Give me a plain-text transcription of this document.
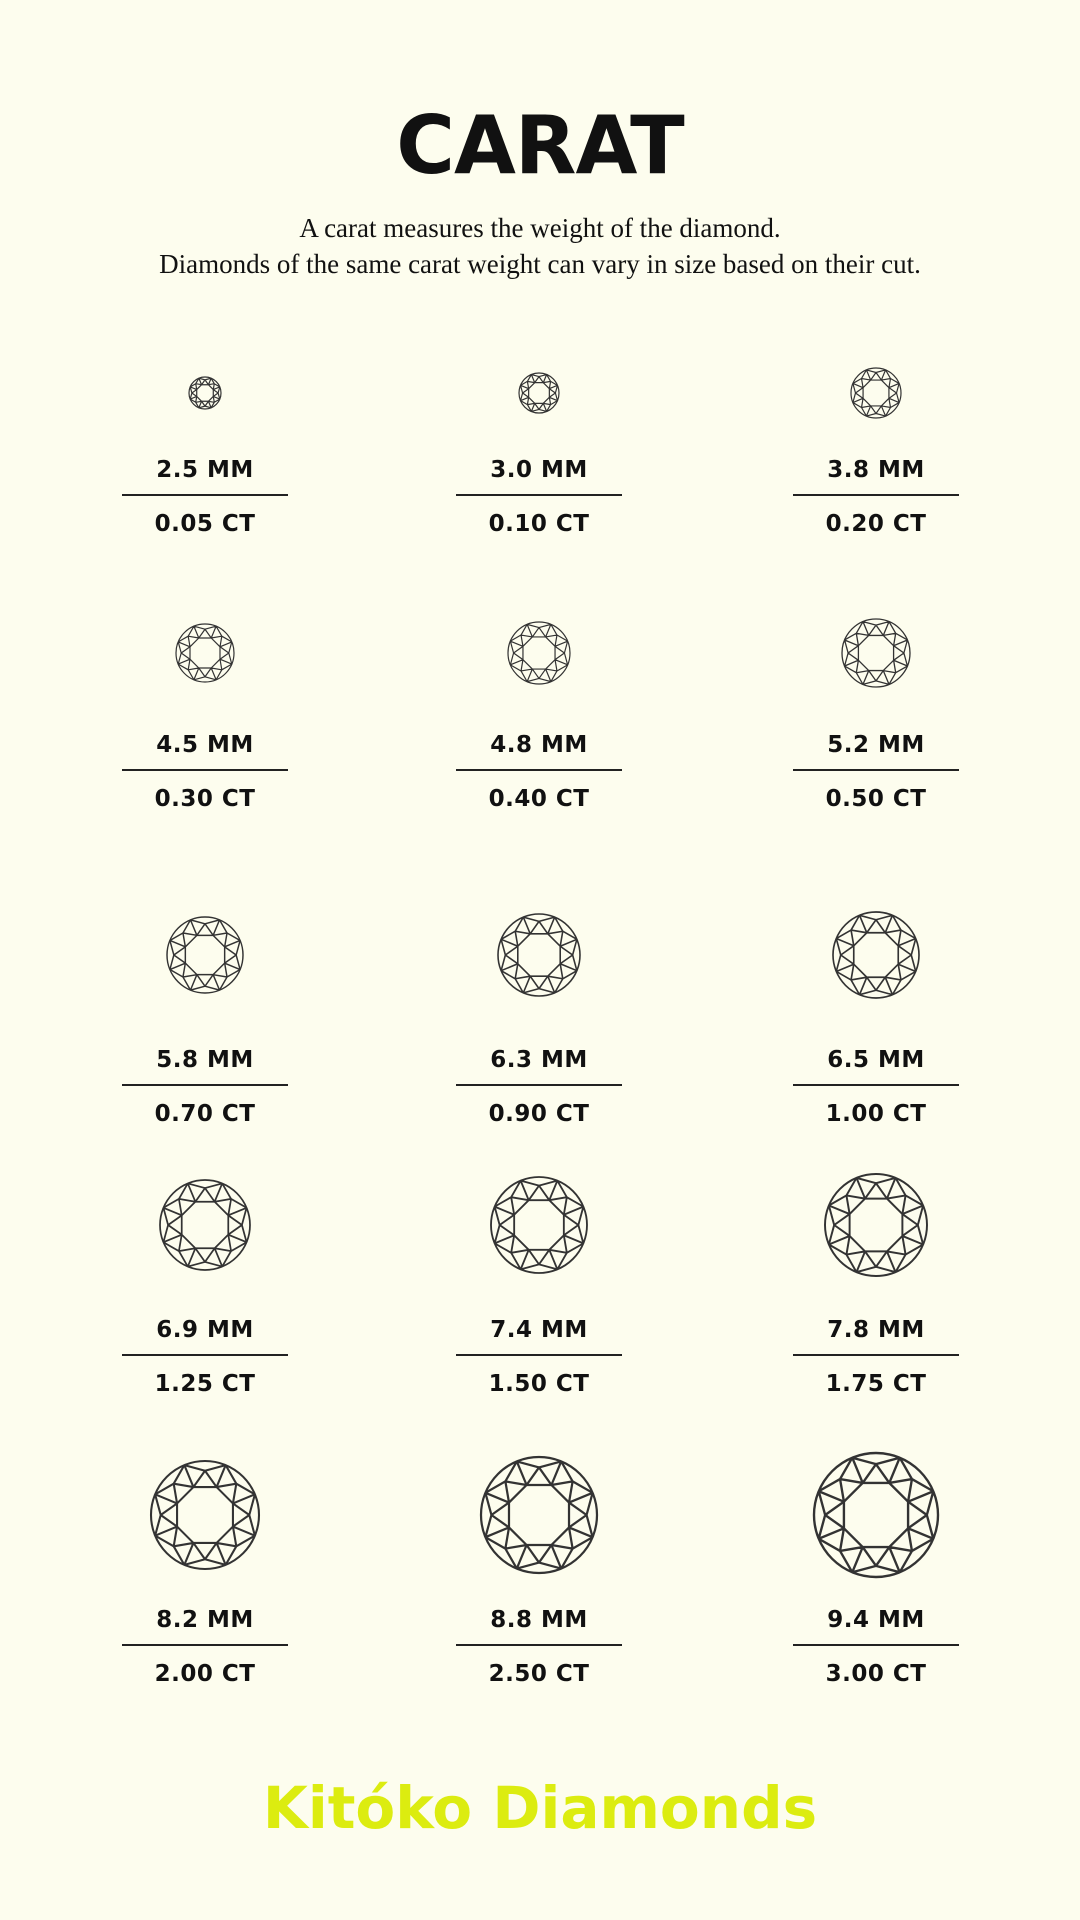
CARAT

A carat measures the weight of the diamond.

Diamonds of the same carat weight can vary in size based on their cut.

2.5 MM
0.05 CT
3.0 MM
0.10 CT
3.8 MM
0.20 CT
4.5 MM
0.30 CT
4.8 MM
0.40 CT
5.2 MM
0.50 CT
5.8 MM
0.70 CT
6.3 MM
0.90 CT
6.5 MM
1.00 CT
6.9 MM
1.25 CT
7.4 MM
1.50 CT
7.8 MM
1.75 CT
8.2 MM
2.00 CT
8.8 MM
2.50 CT
9.4 MM
3.00 CT
Kitóko Diamonds
